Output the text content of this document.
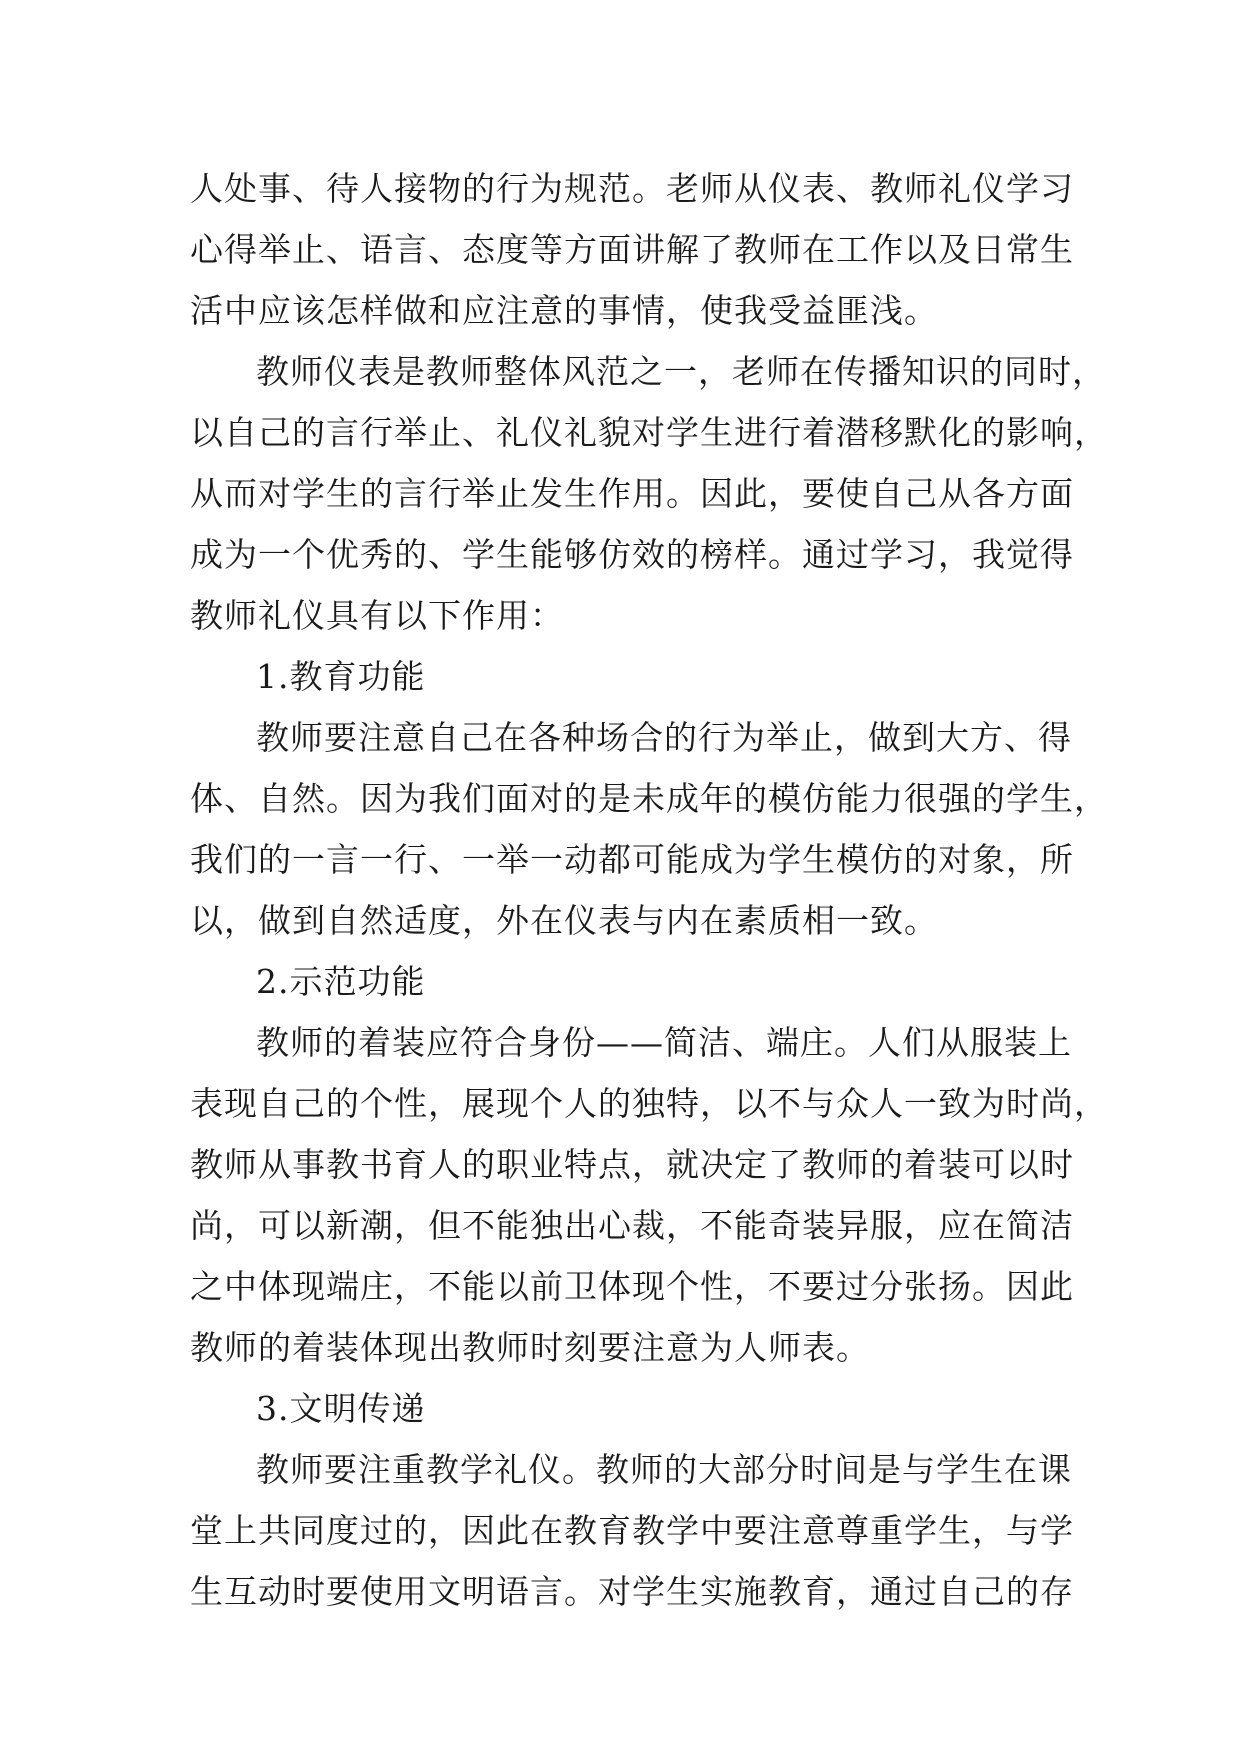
人处事、待人接物的行为规范。老师从仪表、教师礼仪学习
心得举止、语言、态度等方面讲解了教师在工作以及日常生
活中应该怎样做和应注意的事情，使我受益匪浅。
教师仪表是教师整体风范之一，老师在传播知识的同时，
以自己的言行举止、礼仪礼貌对学生进行着潜移默化的影响，
从而对学生的言行举止发生作用。因此，要使自己从各方面
成为一个优秀的、学生能够仿效的榜样。通过学习，我觉得
教师礼仪具有以下作用：
1.教育功能
教师要注意自己在各种场合的行为举止，做到大方、得
体、自然。因为我们面对的是未成年的模仿能力很强的学生，
我们的一言一行、一举一动都可能成为学生模仿的对象，所
以，做到自然适度，外在仪表与内在素质相一致。
2.示范功能
教师的着装应符合身份——简洁、端庄。人们从服装上
表现自己的个性，展现个人的独特，以不与众人一致为时尚，
教师从事教书育人的职业特点，就决定了教师的着装可以时
尚，可以新潮，但不能独出心裁，不能奇装异服，应在简洁
之中体现端庄，不能以前卫体现个性，不要过分张扬。因此
教师的着装体现出教师时刻要注意为人师表。
3.文明传递
教师要注重教学礼仪。教师的大部分时间是与学生在课
堂上共同度过的，因此在教育教学中要注意尊重学生，与学
生互动时要使用文明语言。对学生实施教育，通过自己的存
